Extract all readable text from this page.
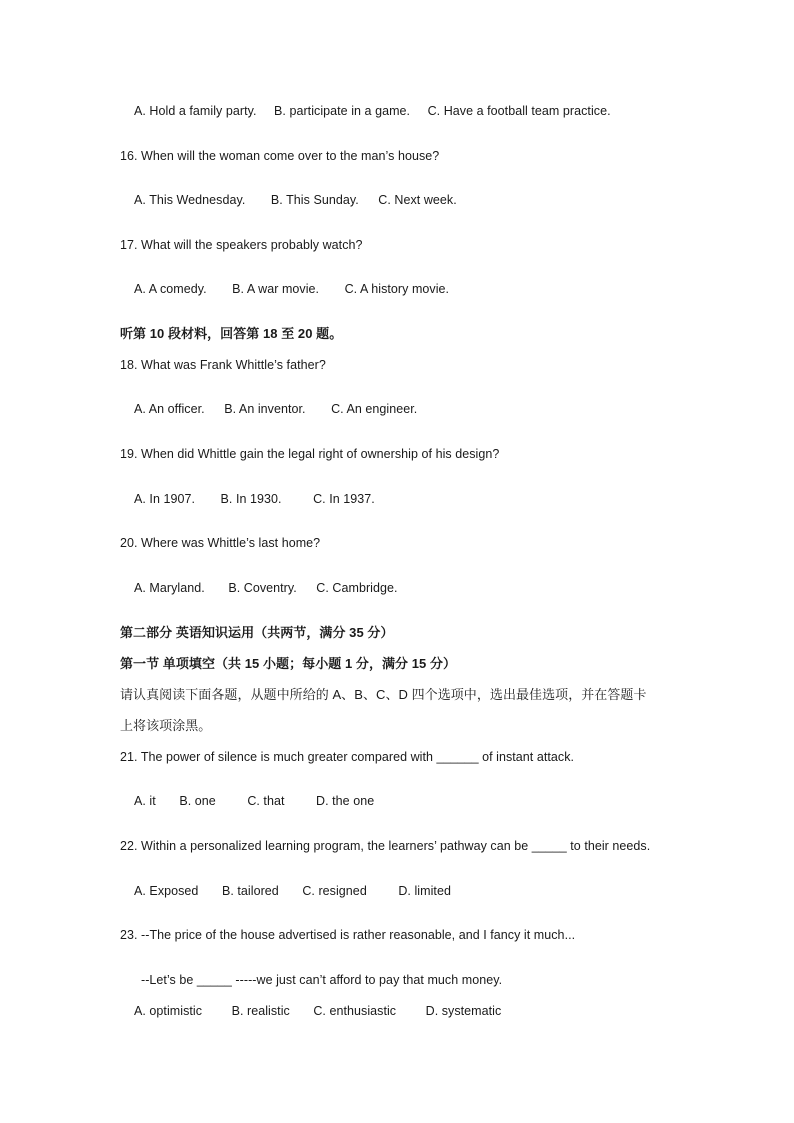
A. Hold a family party. B. participate in a game. C. Have a football team practice.
16. When will the woman come over to the man’s house?
A. This Wednesday. B. This Sunday. C. Next week.
17. What will the speakers probably watch?
A. A comedy. B. A war movie. C. A history movie.
听第 10 段材料，回答第 18 至 20 题。
18. What was Frank Whittle’s father?
A. An officer. B. An inventor. C. An engineer.
19. When did Whittle gain the legal right of ownership of his design?
A. In 1907. B. In 1930.	C. In 1937.
20. Where was Whittle’s last home?
A. Maryland. B. Coventry. C. Cambridge.
第二部分 英语知识运用（共两节，满分 35 分）
第一节 单项填空（共 15 小题；每小题 1 分，满分 15 分）
请认真阅读下面各题，从题中所给的 A、B、C、D 四个选项中，选出最佳选项，并在答题卡
上将该项涂黑。
21. The power of silence is much greater compared with ______ of instant attack.
A. it B. one	C. that	D. the one
22. Within a personalized learning program, the learners’ pathway can be _____ to their needs.
A. Exposed B. tailored C. resigned	D. limited
23. --The price of the house advertised is rather reasonable, and I fancy it much...
--Let’s be _____ -----we just can’t afford to pay that much money.
A. optimistic B. realistic C. enthusiastic D. systematic
